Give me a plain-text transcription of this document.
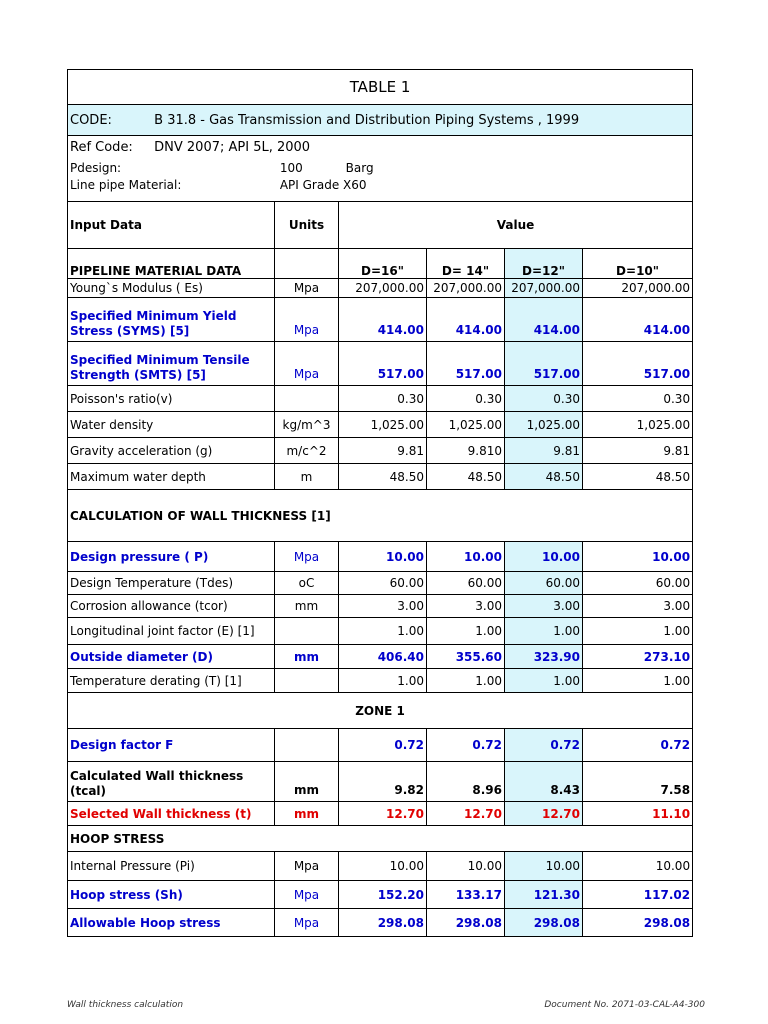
TABLE 1					
CODE: B 31.8 - Gas Transmission and Distribution Piping Systems , 1999					

Ref Code: DNV 2007; API 5L, 2000
Pdesign: 100 Barg
Line pipe Material: API Grade X60					

Input Data	Units	Value			
PIPELINE MATERIAL DATA		D=16"	D= 14"	D=12"	D=10"
Young`s Modulus ( Es)	Mpa	207,000.00	207,000.00	207,000.00	207,000.00
Specified Minimum Yield Stress (SYMS) [5]	Mpa	414.00	414.00	414.00	414.00
Specified Minimum Tensile Strength (SMTS) [5]	Mpa	517.00	517.00	517.00	517.00
Poisson's ratio(v)		0.30	0.30	0.30	0.30
Water density	kg/m^3	1,025.00	1,025.00	1,025.00	1,025.00
Gravity acceleration (g)	m/c^2	9.81	9.810	9.81	9.81
Maximum water depth	m	48.50	48.50	48.50	48.50
CALCULATION OF WALL THICKNESS [1]					
Design pressure ( P)	Mpa	10.00	10.00	10.00	10.00
Design Temperature (Tdes)	oC	60.00	60.00	60.00	60.00
Corrosion allowance (tcor)	mm	3.00	3.00	3.00	3.00
Longitudinal joint factor (E) [1]		1.00	1.00	1.00	1.00
Outside diameter (D)	mm	406.40	355.60	323.90	273.10
Temperature derating (T) [1]		1.00	1.00	1.00	1.00
ZONE 1					
Design factor F		0.72	0.72	0.72	0.72
Calculated Wall thickness (tcal)	mm	9.82	8.96	8.43	7.58
Selected Wall thickness (t)	mm	12.70	12.70	12.70	11.10
HOOP STRESS					
Internal Pressure (Pi)	Mpa	10.00	10.00	10.00	10.00
Hoop stress (Sh)	Mpa	152.20	133.17	121.30	117.02
Allowable Hoop stress	Mpa	298.08	298.08	298.08	298.08
Wall thickness calculation	Document No. 2071-03-CAL-A4-300
